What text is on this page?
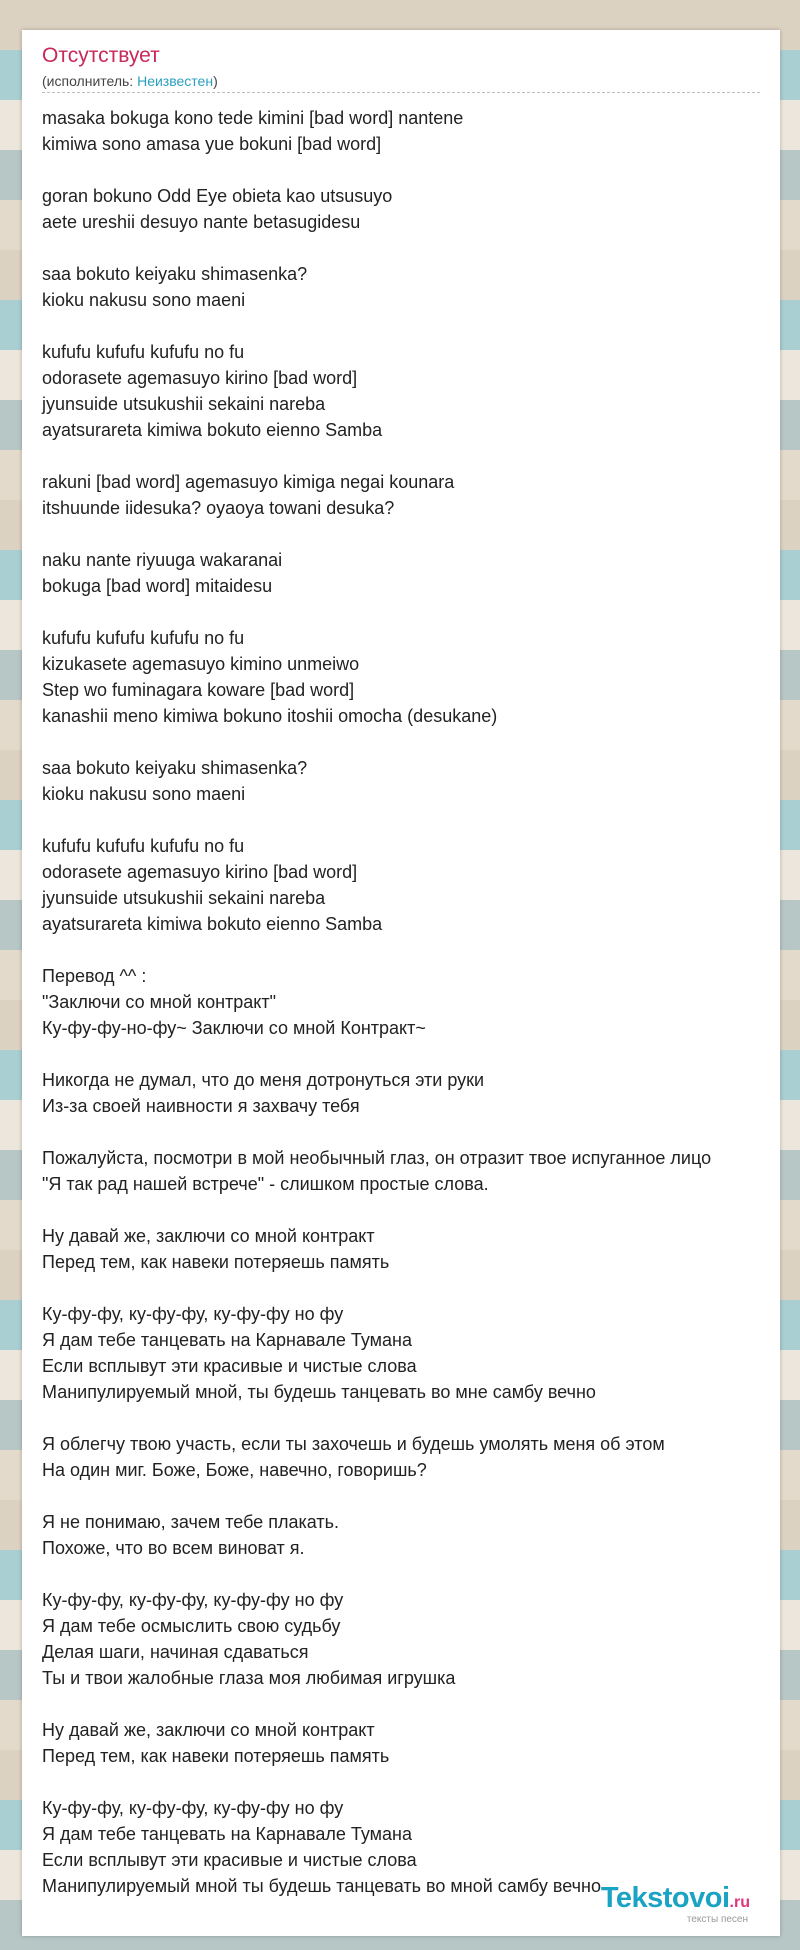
Отсутствует
(исполнитель: Неизвестен)
masaka bokuga kono tede kimini [bad word] nantene
kimiwa sono amasa yue bokuni [bad word]

goran bokuno Odd Eye obieta kao utsusuyo
aete ureshii desuyo nante betasugidesu

saa bokuto keiyaku shimasenka?
kioku nakusu sono maeni

kufufu kufufu kufufu no fu
odorasete agemasuyo kirino [bad word]
jyunsuide utsukushii sekaini nareba
ayatsurareta kimiwa bokuto eienno Samba

rakuni [bad word] agemasuyo kimiga negai kounara
itshuunde iidesuka? oyaoya towani desuka?

naku nante riyuuga wakaranai
bokuga [bad word] mitaidesu

kufufu kufufu kufufu no fu
kizukasete agemasuyo kimino unmeiwo
Step wo fuminagara koware [bad word]
kanashii meno kimiwa bokuno itoshii omocha (desukane)

saa bokuto keiyaku shimasenka?
kioku nakusu sono maeni

kufufu kufufu kufufu no fu
odorasete agemasuyo kirino [bad word]
jyunsuide utsukushii sekaini nareba
ayatsurareta kimiwa bokuto eienno Samba

Перевод ^^ :
"Заключи со мной контракт"
Ку-фу-фу-но-фу~ Заключи со мной Контракт~

Никогда не думал, что до меня дотронуться эти руки
Из-за своей наивности я захвачу тебя

Пожалуйста, посмотри в мой необычный глаз, он отразит твое испуганное лицо
"Я так рад нашей встрече" - слишком простые слова.

Ну давай же, заключи со мной контракт
Перед тем, как навеки потеряешь память

Ку-фу-фу, ку-фу-фу, ку-фу-фу но фу
Я дам тебе танцевать на Карнавале Тумана
Если всплывут эти красивые и чистые слова
Манипулируемый мной, ты будешь танцевать во мне самбу вечно

Я облегчу твою участь, если ты захочешь и будешь умолять меня об этом
На один миг. Боже, Боже, навечно, говоришь?

Я не понимаю, зачем тебе плакать.
Похоже, что во всем виноват я.

Ку-фу-фу, ку-фу-фу, ку-фу-фу но фу
Я дам тебе осмыслить свою судьбу
Делая шаги, начиная сдаваться
Ты и твои жалобные глаза моя любимая игрушка

Ну давай же, заключи со мной контракт
Перед тем, как навеки потеряешь память

Ку-фу-фу, ку-фу-фу, ку-фу-фу но фу
Я дам тебе танцевать на Карнавале Тумана
Если всплывут эти красивые и чистые слова
Манипулируемый мной ты будешь танцевать во мной самбу вечно Tekstovoi.ru
тексты песен
